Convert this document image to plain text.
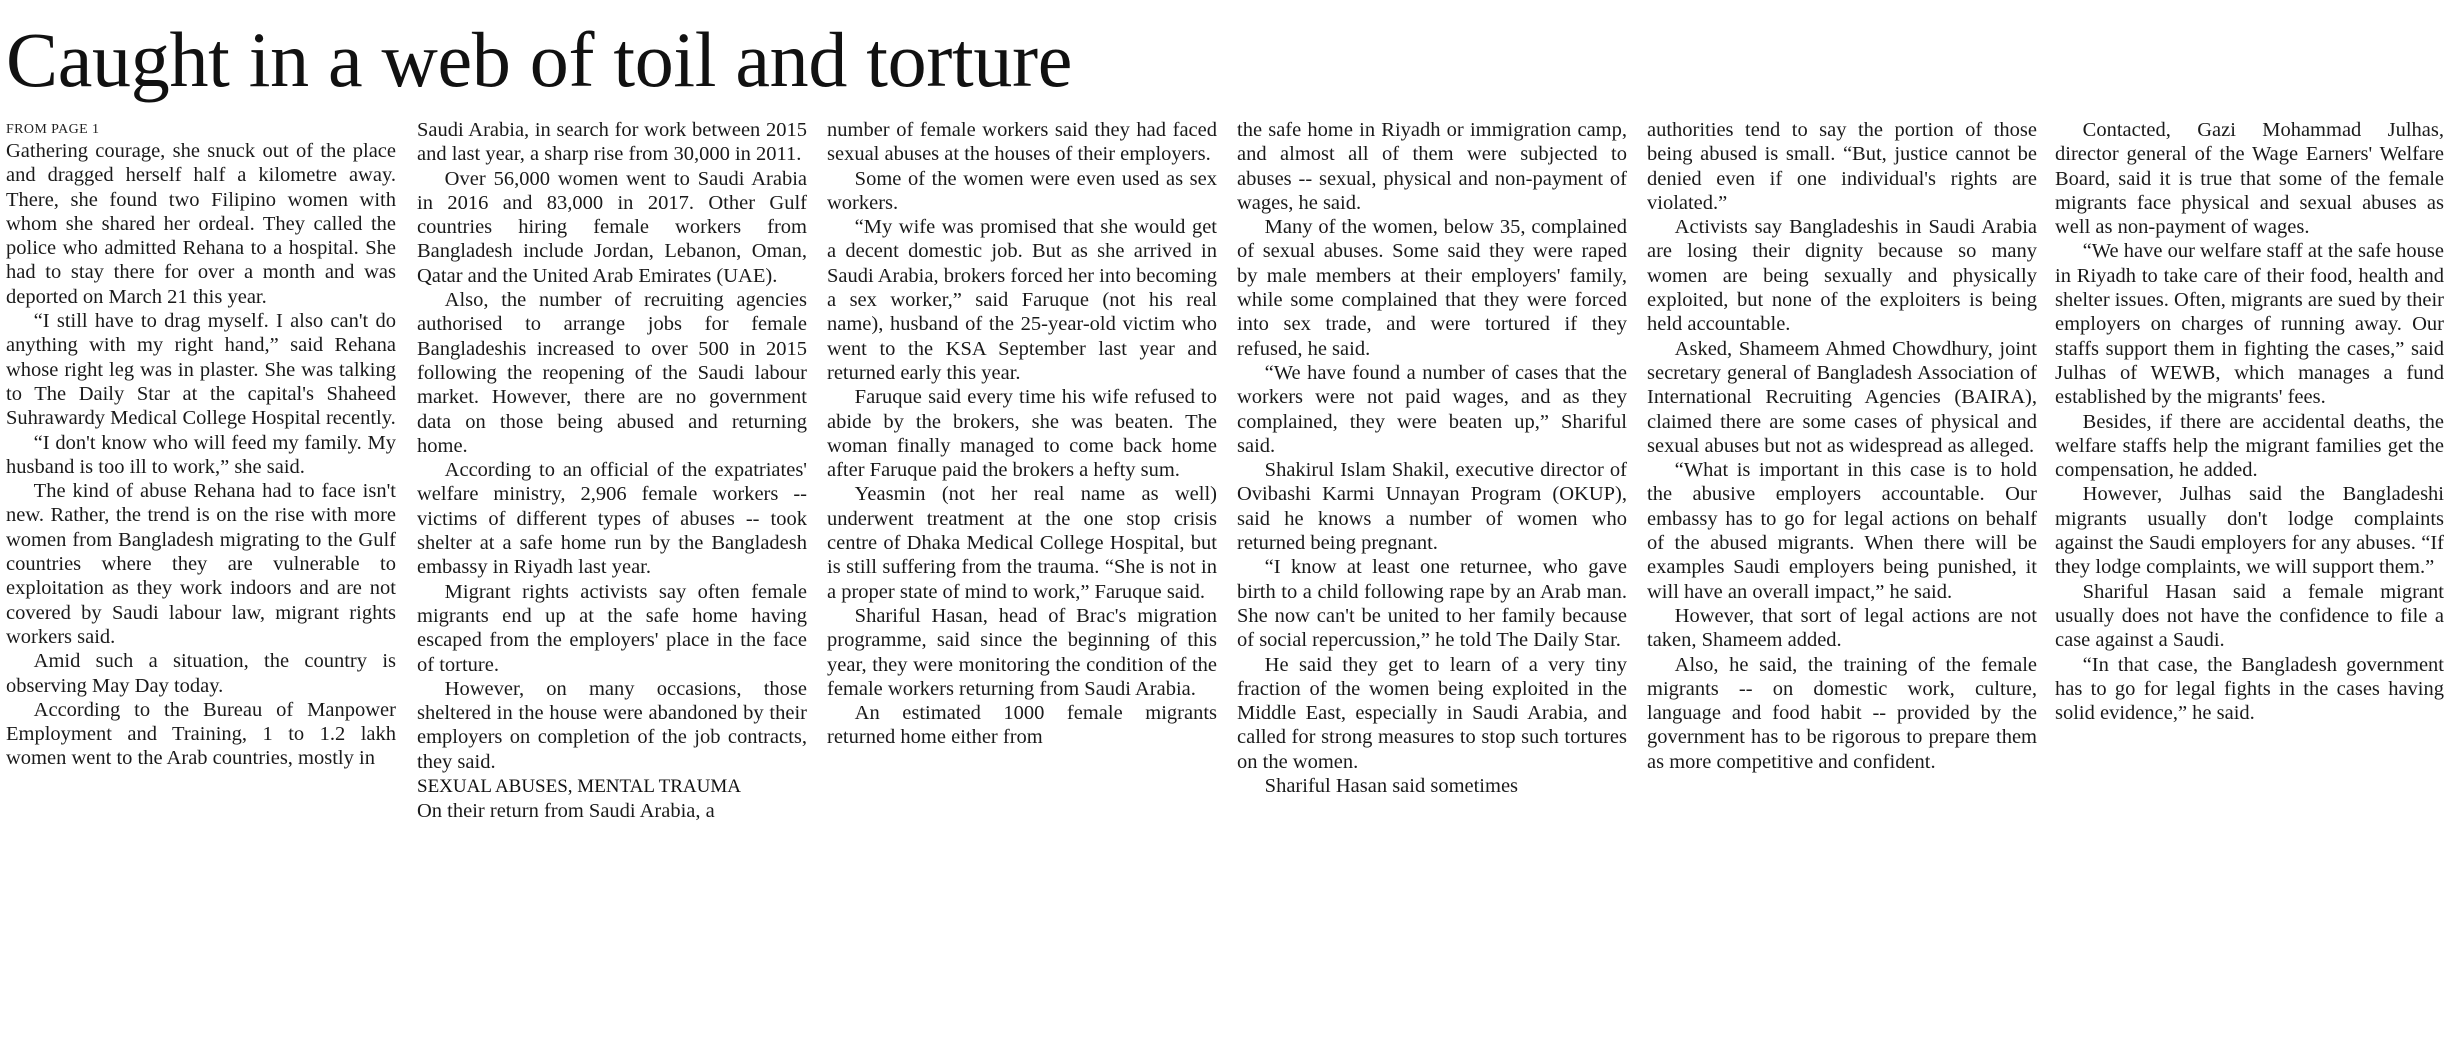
Caught in a web of toil and torture
FROM PAGE 1

Gathering courage, she snuck out of the place and dragged herself half a kilometre away. There, she found two Filipino women with whom she shared her ordeal. They called the police who admitted Rehana to a hospital. She had to stay there for over a month and was deported on March 21 this year.

“I still have to drag myself. I also can't do anything with my right hand,” said Rehana whose right leg was in plaster. She was talking to The Daily Star at the capital's Shaheed Suhrawardy Medical College Hospital recently.

“I don't know who will feed my family. My husband is too ill to work,” she said.

The kind of abuse Rehana had to face isn't new. Rather, the trend is on the rise with more women from Bangladesh migrating to the Gulf countries where they are vulnerable to exploitation as they work indoors and are not covered by Saudi labour law, migrant rights workers said.

Amid such a situation, the country is observing May Day today.

According to the Bureau of Manpower Employment and Training, 1 to 1.2 lakh women went to the Arab countries, mostly in

Saudi Arabia, in search for work between 2015 and last year, a sharp rise from 30,000 in 2011.

Over 56,000 women went to Saudi Arabia in 2016 and 83,000 in 2017. Other Gulf countries hiring female workers from Bangladesh include Jordan, Lebanon, Oman, Qatar and the United Arab Emirates (UAE).

Also, the number of recruiting agencies authorised to arrange jobs for female Bangladeshis increased to over 500 in 2015 following the reopening of the Saudi labour market. However, there are no government data on those being abused and returning home.

According to an official of the expatriates' welfare ministry, 2,906 female workers -- victims of different types of abuses -- took shelter at a safe home run by the Bangladesh embassy in Riyadh last year.

Migrant rights activists say often female migrants end up at the safe home having escaped from the employers' place in the face of torture.

However, on many occasions, those sheltered in the house were abandoned by their employers on completion of the job contracts, they said.

SEXUAL ABUSES, MENTAL TRAUMA

On their return from Saudi Arabia, a

number of female workers said they had faced sexual abuses at the houses of their employers.

Some of the women were even used as sex workers.

“My wife was promised that she would get a decent domestic job. But as she arrived in Saudi Arabia, brokers forced her into becoming a sex worker,” said Faruque (not his real name), husband of the 25-year-old victim who went to the KSA September last year and returned early this year.

Faruque said every time his wife refused to abide by the brokers, she was beaten. The woman finally managed to come back home after Faruque paid the brokers a hefty sum.

Yeasmin (not her real name as well) underwent treatment at the one stop crisis centre of Dhaka Medical College Hospital, but is still suffering from the trauma. “She is not in a proper state of mind to work,” Faruque said.

Shariful Hasan, head of Brac's migration programme, said since the beginning of this year, they were monitoring the condition of the female workers returning from Saudi Arabia.

An estimated 1000 female migrants returned home either from

the safe home in Riyadh or immigration camp, and almost all of them were subjected to abuses -- sexual, physical and non-payment of wages, he said.

Many of the women, below 35, complained of sexual abuses. Some said they were raped by male members at their employers' family, while some complained that they were forced into sex trade, and were tortured if they refused, he said.

“We have found a number of cases that the workers were not paid wages, and as they complained, they were beaten up,” Shariful said.

Shakirul Islam Shakil, executive director of Ovibashi Karmi Unnayan Program (OKUP), said he knows a number of women who returned being pregnant.

“I know at least one returnee, who gave birth to a child following rape by an Arab man. She now can't be united to her family because of social repercussion,” he told The Daily Star.

He said they get to learn of a very tiny fraction of the women being exploited in the Middle East, especially in Saudi Arabia, and called for strong measures to stop such tortures on the women.

Shariful Hasan said sometimes

authorities tend to say the portion of those being abused is small. “But, justice cannot be denied even if one individual's rights are violated.”

Activists say Bangladeshis in Saudi Arabia are losing their dignity because so many women are being sexually and physically exploited, but none of the exploiters is being held accountable.

Asked, Shameem Ahmed Chowdhury, joint secretary general of Bangladesh Association of International Recruiting Agencies (BAIRA), claimed there are some cases of physical and sexual abuses but not as widespread as alleged.

“What is important in this case is to hold the abusive employers accountable. Our embassy has to go for legal actions on behalf of the abused migrants. When there will be examples Saudi employers being punished, it will have an overall impact,” he said.

However, that sort of legal actions are not taken, Shameem added.

Also, he said, the training of the female migrants -- on domestic work, culture, language and food habit -- provided by the government has to be rigorous to prepare them as more competitive and confident.

Contacted, Gazi Mohammad Julhas, director general of the Wage Earners' Welfare Board, said it is true that some of the female migrants face physical and sexual abuses as well as non-payment of wages.

“We have our welfare staff at the safe house in Riyadh to take care of their food, health and shelter issues. Often, migrants are sued by their employers on charges of running away. Our staffs support them in fighting the cases,” said Julhas of WEWB, which manages a fund established by the migrants' fees.

Besides, if there are accidental deaths, the welfare staffs help the migrant families get the compensation, he added.

However, Julhas said the Bangladeshi migrants usually don't lodge complaints against the Saudi employers for any abuses. “If they lodge complaints, we will support them.”

Shariful Hasan said a female migrant usually does not have the confidence to file a case against a Saudi.

“In that case, the Bangladesh government has to go for legal fights in the cases having solid evidence,” he said.
